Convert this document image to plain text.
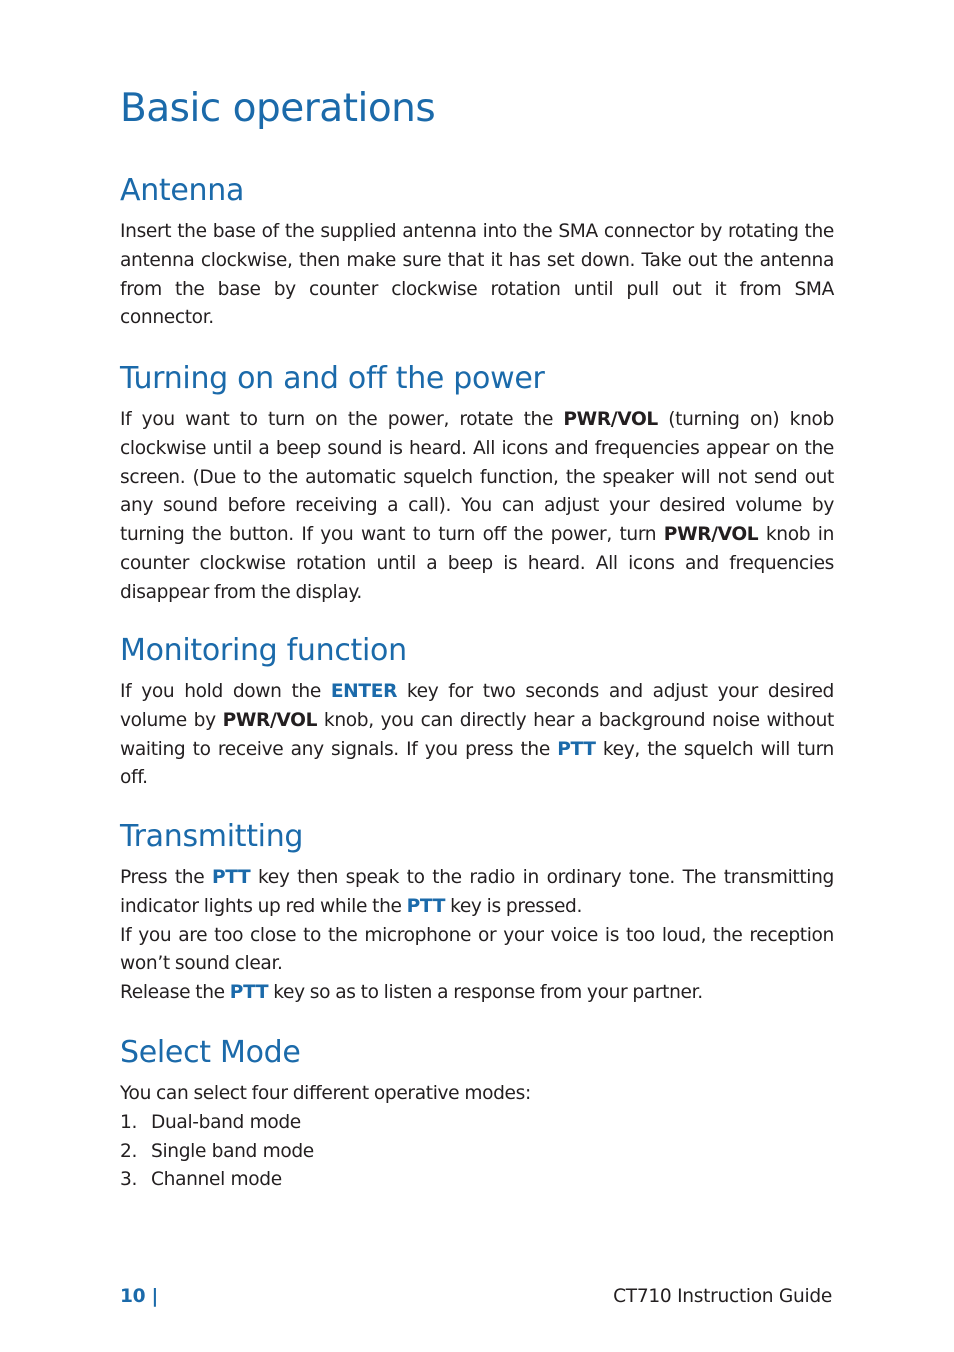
Basic operations
Antenna

Insert the base of the supplied antenna into the SMA connector by rotating the antenna clockwise, then make sure that it has set down. Take out the antenna from the base by counter clockwise rotation until pull out it from SMA connector.

Turning on and off the power

If you want to turn on the power, rotate the PWR/VOL (turning on) knob clockwise until a beep sound is heard. All icons and frequencies appear on the screen. (Due to the automatic squelch function, the speaker will not send out any sound before receiving a call). You can adjust your desired volume by turning the button. If you want to turn off the power, turn PWR/VOL knob in counter clockwise rotation until a beep is heard. All icons and frequencies disappear from the display.

Monitoring function

If you hold down the ENTER key for two seconds and adjust your desired volume by PWR/VOL knob, you can directly hear a background noise without waiting to receive any signals. If you press the PTT key, the squelch will turn off.

Transmitting

Press the PTT key then speak to the radio in ordinary tone. The transmitting indicator lights up red while the PTT key is pressed.

If you are too close to the microphone or your voice is too loud, the reception won’t sound clear.

Release the PTT key so as to listen a response from your partner.

Select Mode

You can select four different operative modes:

1. Dual-band mode
2. Single band mode
3. Channel mode
10 |	CT710 Instruction Guide
